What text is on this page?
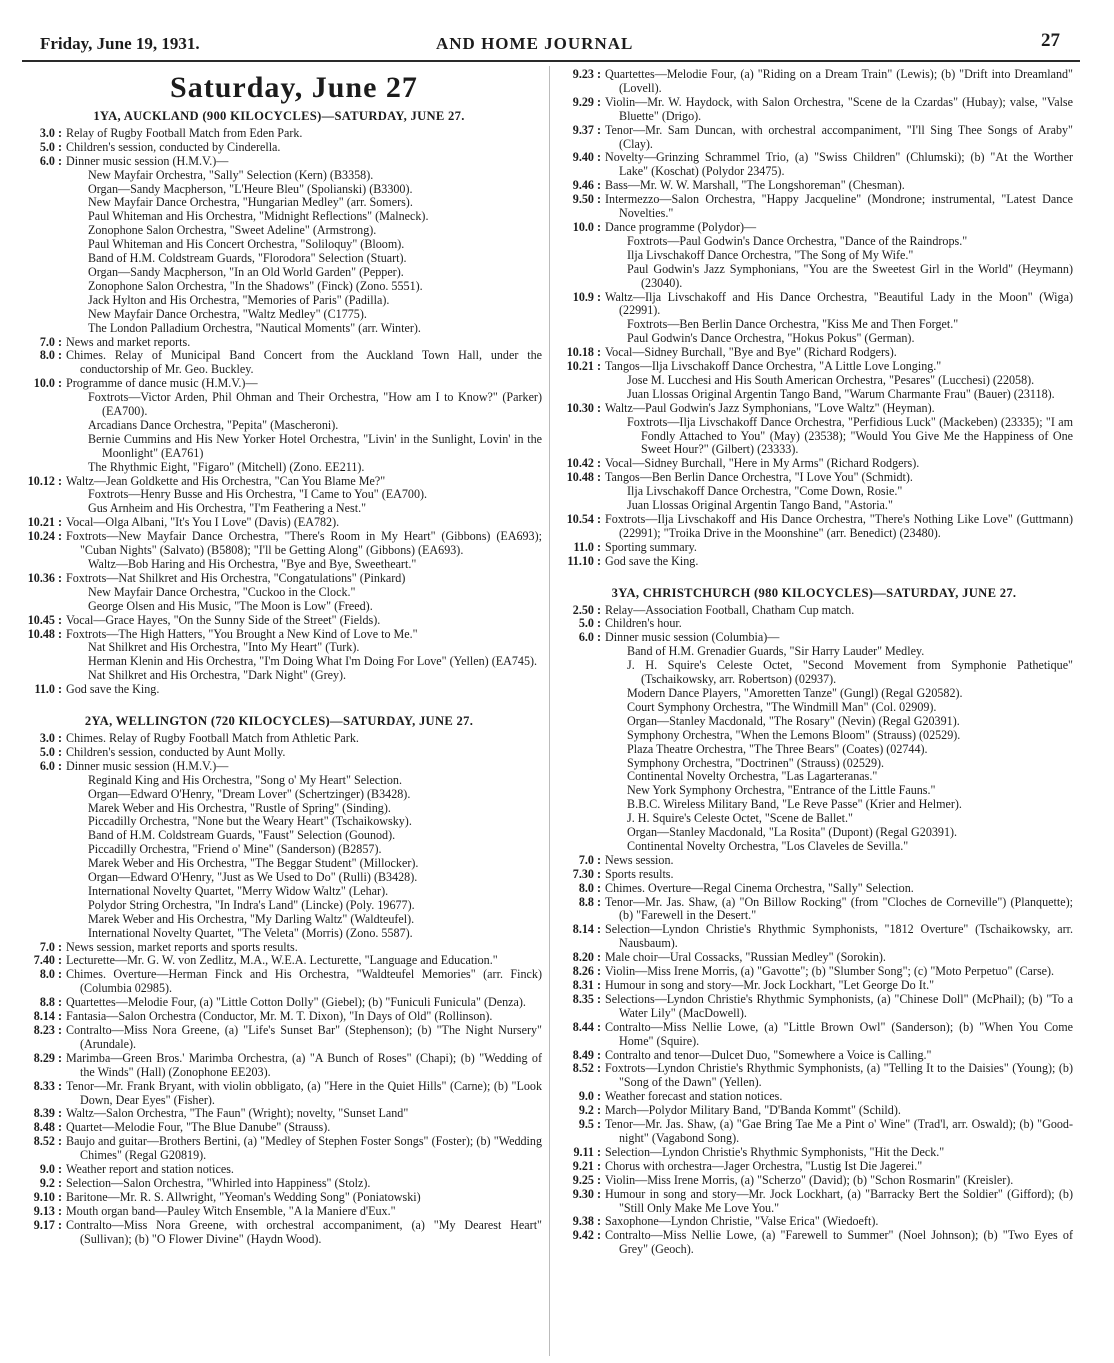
Friday, June 19, 1931.	AND HOME JOURNAL	27
Saturday, June 27
1YA, AUCKLAND (900 KILOCYCLES)—SATURDAY, JUNE 27.
3.0 : Relay of Rugby Football Match from Eden Park.
5.0 : Children's session, conducted by Cinderella.
6.0 : Dinner music session (H.M.V.)—
New Mayfair Orchestra, "Sally" Selection (Kern) (B3358).
Organ—Sandy Macpherson, "L'Heure Bleu" (Spolianski) (B3300).
New Mayfair Dance Orchestra, "Hungarian Medley" (arr. Somers).
Paul Whiteman and His Orchestra, "Midnight Reflections" (Malneck).
Zonophone Salon Orchestra, "Sweet Adeline" (Armstrong).
Paul Whiteman and His Concert Orchestra, "Soliloquy" (Bloom).
Band of H.M. Coldstream Guards, "Florodora" Selection (Stuart).
Organ—Sandy Macpherson, "In an Old World Garden" (Pepper).
Zonophone Salon Orchestra, "In the Shadows" (Finck) (Zono. 5551).
Jack Hylton and His Orchestra, "Memories of Paris" (Padilla).
New Mayfair Dance Orchestra, "Waltz Medley" (C1775).
The London Palladium Orchestra, "Nautical Moments" (arr. Winter).
7.0 : News and market reports.
8.0 : Chimes. Relay of Municipal Band Concert from the Auckland Town Hall, under the conductorship of Mr. Geo. Buckley.
10.0 : Programme of dance music (H.M.V.)—
Foxtrots—Victor Arden, Phil Ohman and Their Orchestra, "How am I to Know?" (Parker) (EA700).
Arcadians Dance Orchestra, "Pepita" (Mascheroni).
Bernie Cummins and His New Yorker Hotel Orchestra, "Livin' in the Sunlight, Lovin' in the Moonlight" (EA761)
The Rhythmic Eight, "Figaro" (Mitchell) (Zono. EE211).
10.12 : Waltz—Jean Goldkette and His Orchestra, "Can You Blame Me?"
Foxtrots—Henry Busse and His Orchestra, "I Came to You" (EA700).
Gus Arnheim and His Orchestra, "I'm Feathering a Nest."
10.21 : Vocal—Olga Albani, "It's You I Love" (Davis) (EA782).
10.24 : Foxtrots—New Mayfair Dance Orchestra, "There's Room in My Heart" (Gibbons) (EA693); "Cuban Nights" (Salvato) (B5808); "I'll be Getting Along" (Gibbons) (EA693).
Waltz—Bob Haring and His Orchestra, "Bye and Bye, Sweetheart."
10.36 : Foxtrots—Nat Shilkret and His Orchestra, "Congatulations" (Pinkard)
New Mayfair Dance Orchestra, "Cuckoo in the Clock."
George Olsen and His Music, "The Moon is Low" (Freed).
10.45 : Vocal—Grace Hayes, "On the Sunny Side of the Street" (Fields).
10.48 : Foxtrots—The High Hatters, "You Brought a New Kind of Love to Me."
Nat Shilkret and His Orchestra, "Into My Heart" (Turk).
Herman Klenin and His Orchestra, "I'm Doing What I'm Doing For Love" (Yellen) (EA745).
Nat Shilkret and His Orchestra, "Dark Night" (Grey).
11.0 : God save the King.
2YA, WELLINGTON (720 KILOCYCLES)—SATURDAY, JUNE 27.
3.0 : Chimes. Relay of Rugby Football Match from Athletic Park.
5.0 : Children's session, conducted by Aunt Molly.
6.0 : Dinner music session (H.M.V.)—
Reginald King and His Orchestra, "Song o' My Heart" Selection.
Organ—Edward O'Henry, "Dream Lover" (Schertzinger) (B3428).
Marek Weber and His Orchestra, "Rustle of Spring" (Sinding).
Piccadilly Orchestra, "None but the Weary Heart" (Tschaikowsky).
Band of H.M. Coldstream Guards, "Faust" Selection (Gounod).
Piccadilly Orchestra, "Friend o' Mine" (Sanderson) (B2857).
Marek Weber and His Orchestra, "The Beggar Student" (Millocker).
Organ—Edward O'Henry, "Just as We Used to Do" (Rulli) (B3428).
International Novelty Quartet, "Merry Widow Waltz" (Lehar).
Polydor String Orchestra, "In Indra's Land" (Lincke) (Poly. 19677).
Marek Weber and His Orchestra, "My Darling Waltz" (Waldteufel).
International Novelty Quartet, "The Veleta" (Morris) (Zono. 5587).
7.0 : News session, market reports and sports results.
7.40 : Lecturette—Mr. G. W. von Zedlitz, M.A., W.E.A. Lecturette, "Language and Education."
8.0 : Chimes. Overture—Herman Finck and His Orchestra, "Waldteufel Memories" (arr. Finck) (Columbia 02985).
8.8 : Quartettes—Melodie Four, (a) "Little Cotton Dolly" (Giebel); (b) "Funiculi Funicula" (Denza).
8.14 : Fantasia—Salon Orchestra (Conductor, Mr. M. T. Dixon), "In Days of Old" (Rollinson).
8.23 : Contralto—Miss Nora Greene, (a) "Life's Sunset Bar" (Stephenson); (b) "The Night Nursery" (Arundale).
8.29 : Marimba—Green Bros.' Marimba Orchestra, (a) "A Bunch of Roses" (Chapi); (b) "Wedding of the Winds" (Hall) (Zonophone EE203).
8.33 : Tenor—Mr. Frank Bryant, with violin obbligato, (a) "Here in the Quiet Hills" (Carne); (b) "Look Down, Dear Eyes" (Fisher).
8.39 : Waltz—Salon Orchestra, "The Faun" (Wright); novelty, "Sunset Land"
8.48 : Quartet—Melodie Four, "The Blue Danube" (Strauss).
8.52 : Baujo and guitar—Brothers Bertini, (a) "Medley of Stephen Foster Songs" (Foster); (b) "Wedding Chimes" (Regal G20819).
9.0 : Weather report and station notices.
9.2 : Selection—Salon Orchestra, "Whirled into Happiness" (Stolz).
9.10 : Baritone—Mr. R. S. Allwright, "Yeoman's Wedding Song" (Poniatowski)
9.13 : Mouth organ band—Pauley Witch Ensemble, "A la Maniere d'Eux."
9.17 : Contralto—Miss Nora Greene, with orchestral accompaniment, (a) "My Dearest Heart" (Sullivan); (b) "O Flower Divine" (Haydn Wood).
9.23 : Quartettes—Melodie Four, (a) "Riding on a Dream Train" (Lewis); (b) "Drift into Dreamland" (Lovell).
9.29 : Violin—Mr. W. Haydock, with Salon Orchestra, "Scene de la Czardas" (Hubay); valse, "Valse Bluette" (Drigo).
9.37 : Tenor—Mr. Sam Duncan, with orchestral accompaniment, "I'll Sing Thee Songs of Araby" (Clay).
9.40 : Novelty—Grinzing Schrammel Trio, (a) "Swiss Children" (Chlumski); (b) "At the Worther Lake" (Koschat) (Polydor 23475).
9.46 : Bass—Mr. W. W. Marshall, "The Longshoreman" (Chesman).
9.50 : Intermezzo—Salon Orchestra, "Happy Jacqueline" (Mondrone; instrumental, "Latest Dance Novelties."
10.0 : Dance programme (Polydor)—
Foxtrots—Paul Godwin's Dance Orchestra, "Dance of the Raindrops."
Ilja Livschakoff Dance Orchestra, "The Song of My Wife."
Paul Godwin's Jazz Symphonians, "You are the Sweetest Girl in the World" (Heymann) (23040).
10.9 : Waltz—Ilja Livschakoff and His Dance Orchestra, "Beautiful Lady in the Moon" (Wiga) (22991).
Foxtrots—Ben Berlin Dance Orchestra, "Kiss Me and Then Forget."
Paul Godwin's Dance Orchestra, "Hokus Pokus" (German).
10.18 : Vocal—Sidney Burchall, "Bye and Bye" (Richard Rodgers).
10.21 : Tangos—Ilja Livschakoff Dance Orchestra, "A Little Love Longing."
Jose M. Lucchesi and His South American Orchestra, "Pesares" (Lucchesi) (22058).
Juan Llossas Original Argentin Tango Band, "Warum Charmante Frau" (Bauer) (23118).
10.30 : Waltz—Paul Godwin's Jazz Symphonians, "Love Waltz" (Heyman).
Foxtrots—Ilja Livschakoff Dance Orchestra, "Perfidious Luck" (Mackeben) (23335); "I am Fondly Attached to You" (May) (23538); "Would You Give Me the Happiness of One Sweet Hour?" (Gilbert) (23333).
10.42 : Vocal—Sidney Burchall, "Here in My Arms" (Richard Rodgers).
10.48 : Tangos—Ben Berlin Dance Orchestra, "I Love You" (Schmidt).
Ilja Livschakoff Dance Orchestra, "Come Down, Rosie."
Juan Llossas Original Argentin Tango Band, "Astoria."
10.54 : Foxtrots—Ilja Livschakoff and His Dance Orchestra, "There's Nothing Like Love" (Guttmann) (22991); "Troika Drive in the Moonshine" (arr. Benedict) (23480).
11.0 : Sporting summary.
11.10 : God save the King.
3YA, CHRISTCHURCH (980 KILOCYCLES)—SATURDAY, JUNE 27.
2.50 : Relay—Association Football, Chatham Cup match.
5.0 : Children's hour.
6.0 : Dinner music session (Columbia)—
Band of H.M. Grenadier Guards, "Sir Harry Lauder" Medley.
J. H. Squire's Celeste Octet, "Second Movement from Symphonie Pathetique" (Tschaikowsky, arr. Robertson) (02937).
Modern Dance Players, "Amoretten Tanze" (Gungl) (Regal G20582).
Court Symphony Orchestra, "The Windmill Man" (Col. 02909).
Organ—Stanley Macdonald, "The Rosary" (Nevin) (Regal G20391).
Symphony Orchestra, "When the Lemons Bloom" (Strauss) (02529).
Plaza Theatre Orchestra, "The Three Bears" (Coates) (02744).
Symphony Orchestra, "Doctrinen" (Strauss) (02529).
Continental Novelty Orchestra, "Las Lagarteranas."
New York Symphony Orchestra, "Entrance of the Little Fauns."
B.B.C. Wireless Military Band, "Le Reve Passe" (Krier and Helmer).
J. H. Squire's Celeste Octet, "Scene de Ballet."
Organ—Stanley Macdonald, "La Rosita" (Dupont) (Regal G20391).
Continental Novelty Orchestra, "Los Claveles de Sevilla."
7.0 : News session.
7.30 : Sports results.
8.0 : Chimes. Overture—Regal Cinema Orchestra, "Sally" Selection.
8.8 : Tenor—Mr. Jas. Shaw, (a) "On Billow Rocking" (from "Cloches de Corneville") (Planquette); (b) "Farewell in the Desert."
8.14 : Selection—Lyndon Christie's Rhythmic Symphonists, "1812 Overture" (Tschaikowsky, arr. Nausbaum).
8.20 : Male choir—Ural Cossacks, "Russian Medley" (Sorokin).
8.26 : Violin—Miss Irene Morris, (a) "Gavotte"; (b) "Slumber Song"; (c) "Moto Perpetuo" (Carse).
8.31 : Humour in song and story—Mr. Jock Lockhart, "Let George Do It."
8.35 : Selections—Lyndon Christie's Rhythmic Symphonists, (a) "Chinese Doll" (McPhail); (b) "To a Water Lily" (MacDowell).
8.44 : Contralto—Miss Nellie Lowe, (a) "Little Brown Owl" (Sanderson); (b) "When You Come Home" (Squire).
8.49 : Contralto and tenor—Dulcet Duo, "Somewhere a Voice is Calling."
8.52 : Foxtrots—Lyndon Christie's Rhythmic Symphonists, (a) "Telling It to the Daisies" (Young); (b) "Song of the Dawn" (Yellen).
9.0 : Weather forecast and station notices.
9.2 : March—Polydor Military Band, "D'Banda Kommt" (Schild).
9.5 : Tenor—Mr. Jas. Shaw, (a) "Gae Bring Tae Me a Pint o' Wine" (Trad'l, arr. Oswald); (b) "Good-night" (Vagabond Song).
9.11 : Selection—Lyndon Christie's Rhythmic Symphonists, "Hit the Deck."
9.21 : Chorus with orchestra—Jager Orchestra, "Lustig Ist Die Jagerei."
9.25 : Violin—Miss Irene Morris, (a) "Scherzo" (David); (b) "Schon Rosmarin" (Kreisler).
9.30 : Humour in song and story—Mr. Jock Lockhart, (a) "Barracky Bert the Soldier" (Gifford); (b) "Still Only Make Me Love You."
9.38 : Saxophone—Lyndon Christie, "Valse Erica" (Wiedoeft).
9.42 : Contralto—Miss Nellie Lowe, (a) "Farewell to Summer" (Noel Johnson); (b) "Two Eyes of Grey" (Geoch).
